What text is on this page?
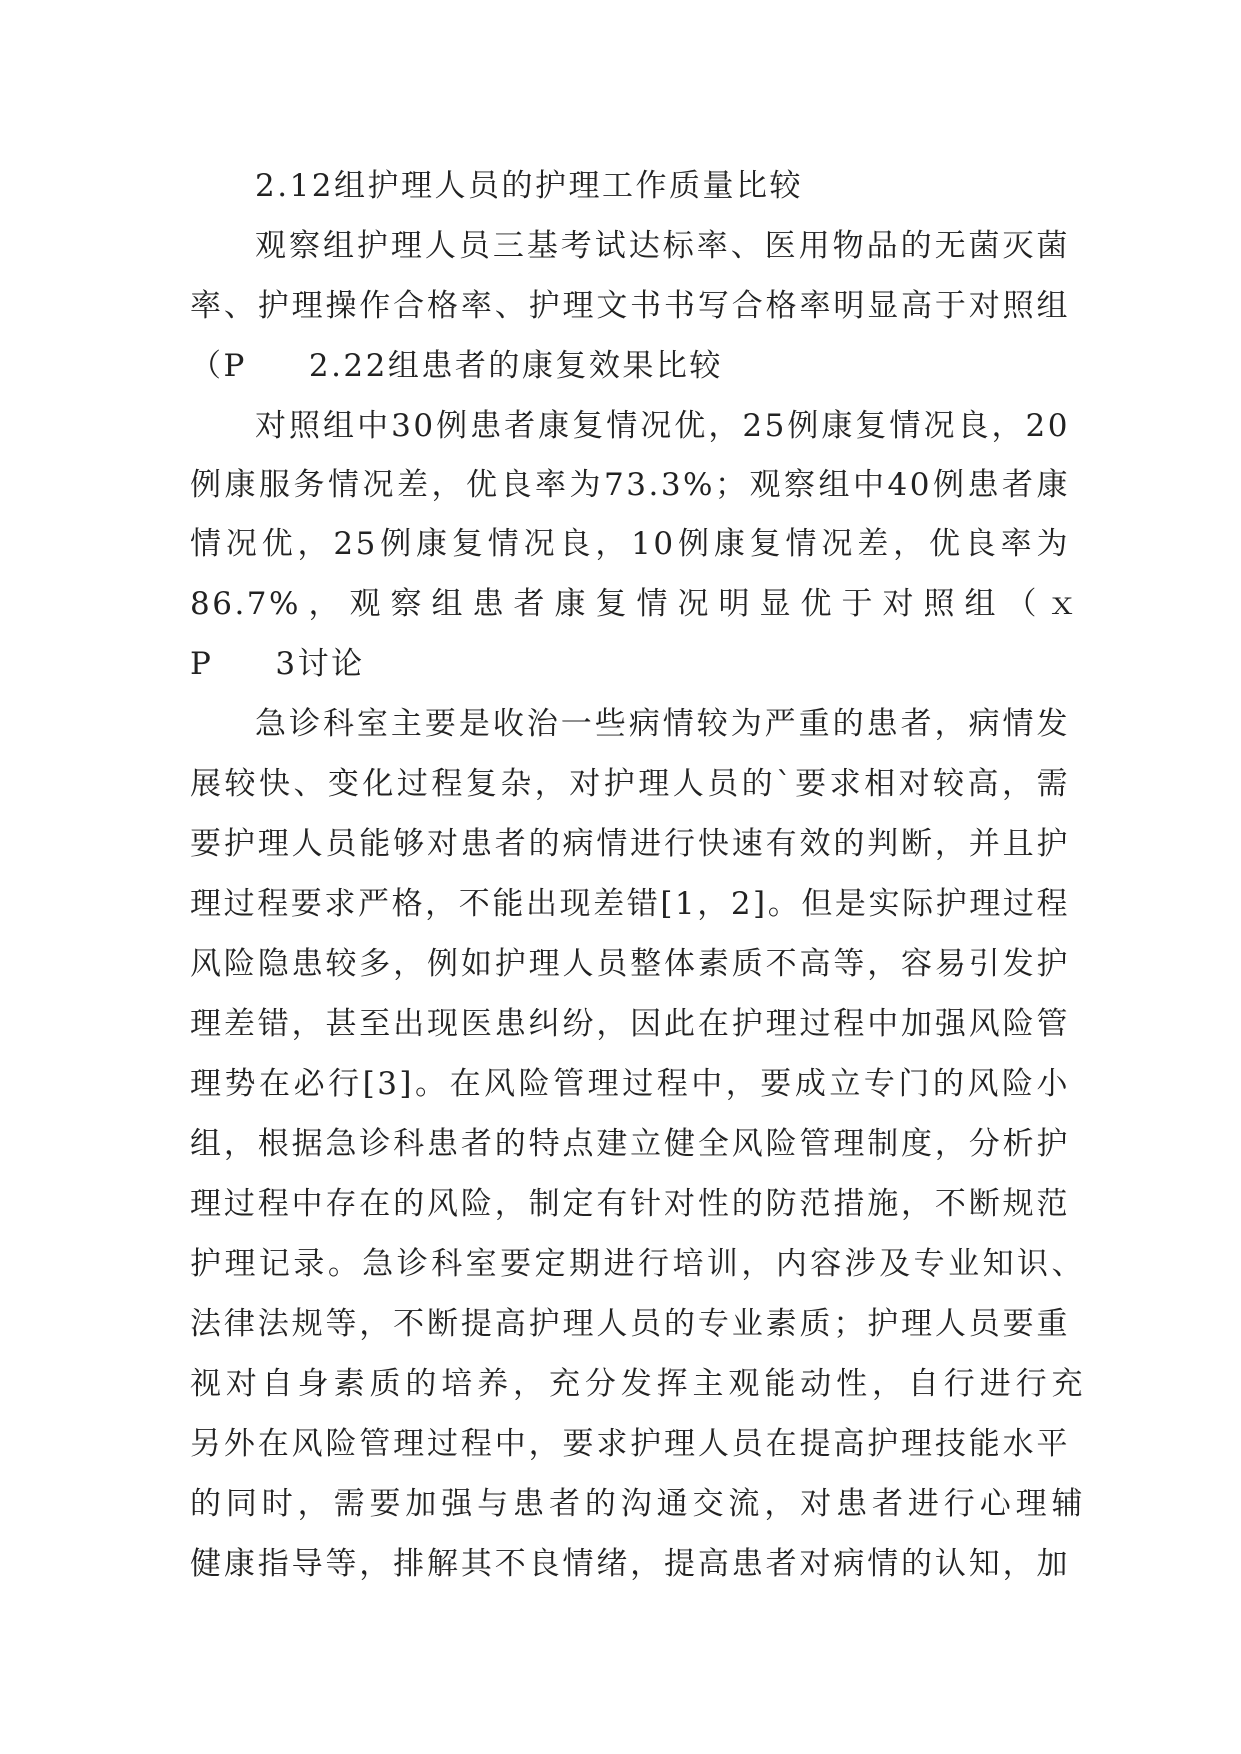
2.12组护理人员的护理工作质量比较
观察组护理人员三基考试达标率、医用物品的无菌灭菌
率、护理操作合格率、护理文书书写合格率明显高于对照组
（P 2.22组患者的康复效果比较
对照组中30例患者康复情况优，25例康复情况良，20
例康服务情况差，优良率为73.3%；观察组中40例患者康
情况优，25例康复情况良，10例康复情况差，优良率为
86.7%，观察组患者康复情况明显优于对照组（ｘ
P 3讨论
急诊科室主要是收治一些病情较为严重的患者，病情发
展较快、变化过程复杂，对护理人员的`要求相对较高，需
要护理人员能够对患者的病情进行快速有效的判断，并且护
理过程要求严格，不能出现差错[1，2]。但是实际护理过程
风险隐患较多，例如护理人员整体素质不高等，容易引发护
理差错，甚至出现医患纠纷，因此在护理过程中加强风险管
理势在必行[3]。在风险管理过程中，要成立专门的风险小
组，根据急诊科患者的特点建立健全风险管理制度，分析护
理过程中存在的风险，制定有针对性的防范措施，不断规范
护理记录。急诊科室要定期进行培训，内容涉及专业知识、
法律法规等，不断提高护理人员的专业素质；护理人员要重
视对自身素质的培养，充分发挥主观能动性，自行进行充
另外在风险管理过程中，要求护理人员在提高护理技能水平
的同时，需要加强与患者的沟通交流，对患者进行心理辅
健康指导等，排解其不良情绪，提高患者对病情的认知，加
